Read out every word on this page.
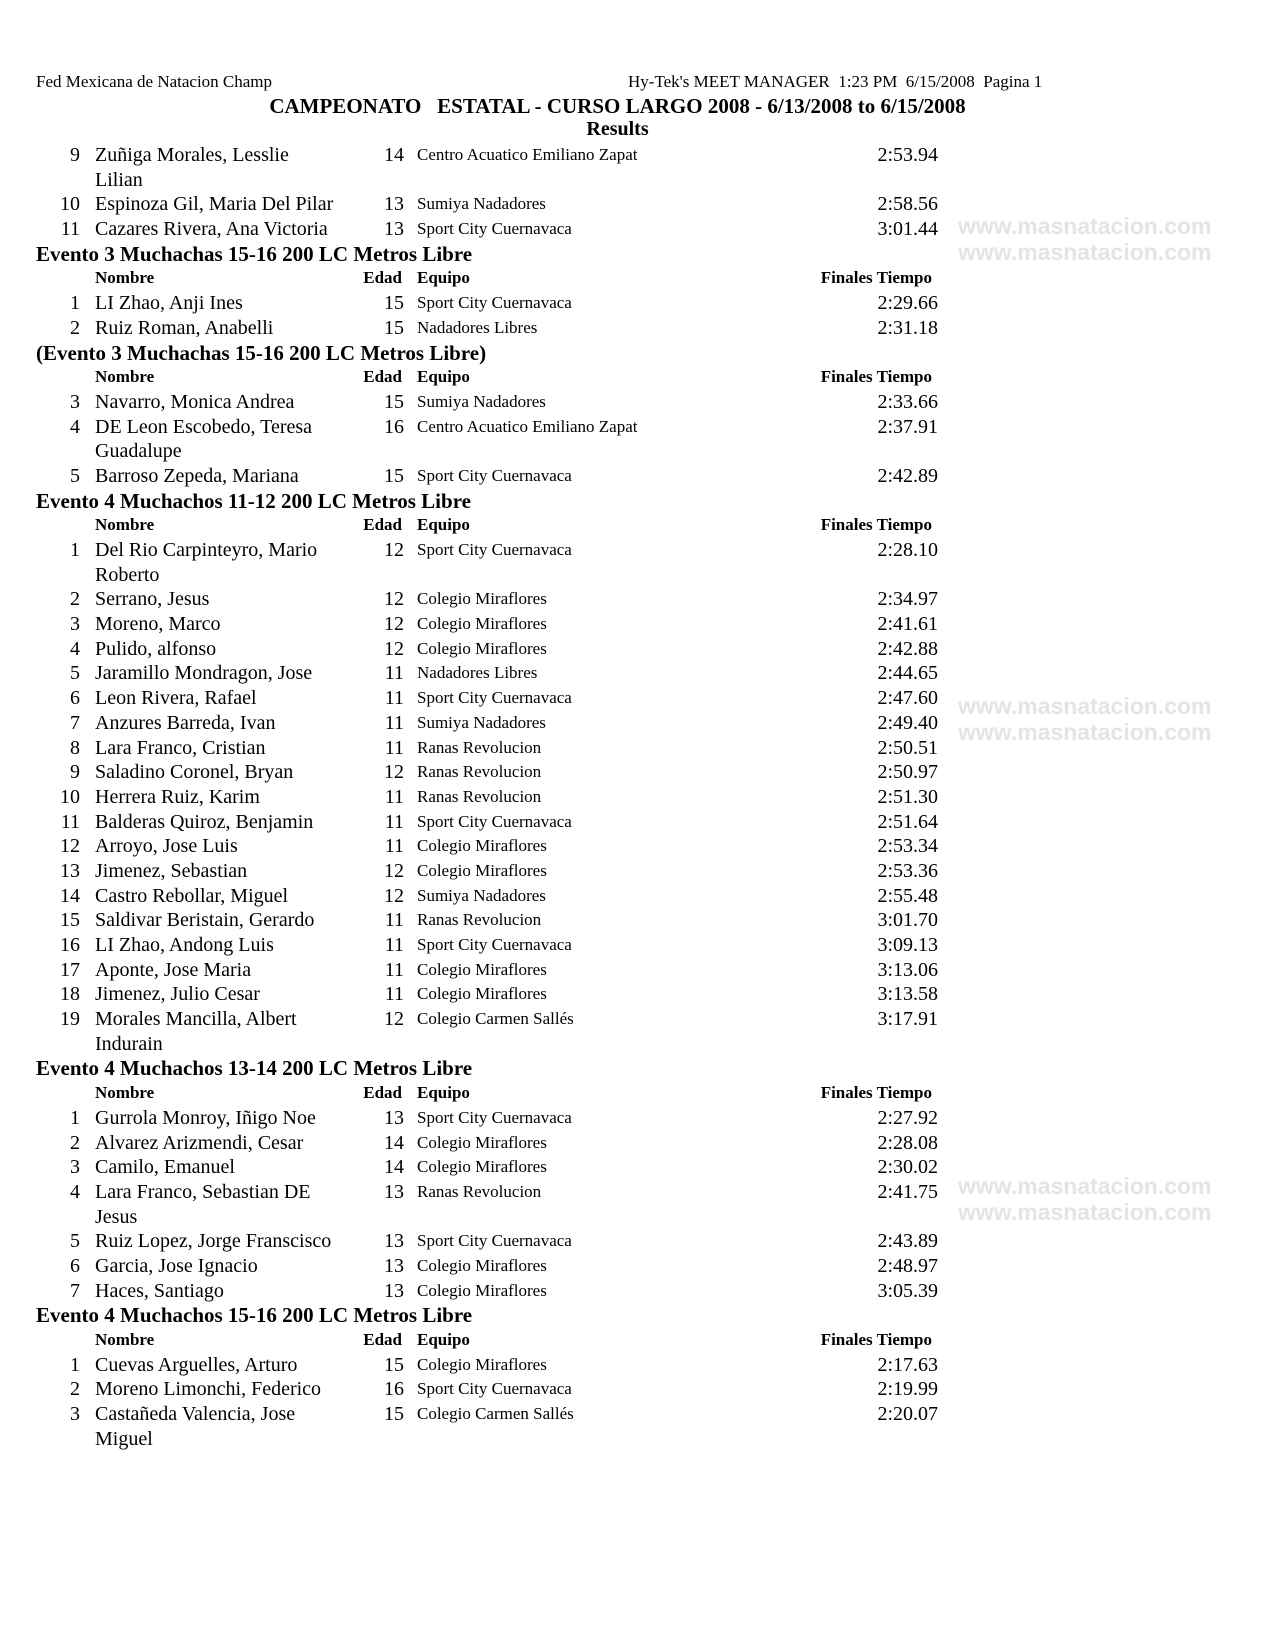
Fed Mexicana de Natacion Champ	Hy-Tek's MEET MANAGER  1:23 PM  6/15/2008  Pagina 1
CAMPEONATO   ESTATAL - CURSO LARGO 2008 - 6/13/2008 to 6/15/2008
Results
www.masnatacion.com
www.masnatacion.com
www.masnatacion.com
www.masnatacion.com
www.masnatacion.com
www.masnatacion.com
9 Zuñiga Morales, Lesslie	14 Centro Acuatico Emiliano Zapat	2:53.94
Lilian
10 Espinoza Gil, Maria Del Pilar	13 Sumiya Nadadores	2:58.56
11 Cazares Rivera, Ana Victoria	13 Sport City Cuernavaca	3:01.44
Evento 3 Muchachas 15-16 200 LC Metros Libre
Nombre	Edad Equipo	Finales Tiempo
1 LI Zhao, Anji Ines	15 Sport City Cuernavaca	2:29.66
2 Ruiz Roman, Anabelli	15 Nadadores Libres	2:31.18
(Evento 3 Muchachas 15-16 200 LC Metros Libre)
Nombre	Edad Equipo	Finales Tiempo
3 Navarro, Monica Andrea	15 Sumiya Nadadores	2:33.66
4 DE Leon Escobedo, Teresa	16 Centro Acuatico Emiliano Zapat	2:37.91
Guadalupe
5 Barroso Zepeda, Mariana	15 Sport City Cuernavaca	2:42.89
Evento 4 Muchachos 11-12 200 LC Metros Libre
Nombre	Edad Equipo	Finales Tiempo
1 Del Rio Carpinteyro, Mario	12 Sport City Cuernavaca	2:28.10
Roberto
2 Serrano, Jesus	12 Colegio Miraflores	2:34.97
3 Moreno, Marco	12 Colegio Miraflores	2:41.61
4 Pulido, alfonso	12 Colegio Miraflores	2:42.88
5 Jaramillo Mondragon, Jose	11 Nadadores Libres	2:44.65
6 Leon Rivera, Rafael	11 Sport City Cuernavaca	2:47.60
7 Anzures Barreda, Ivan	11 Sumiya Nadadores	2:49.40
8 Lara Franco, Cristian	11 Ranas Revolucion	2:50.51
9 Saladino Coronel, Bryan	12 Ranas Revolucion	2:50.97
10 Herrera Ruiz, Karim	11 Ranas Revolucion	2:51.30
11 Balderas Quiroz, Benjamin	11 Sport City Cuernavaca	2:51.64
12 Arroyo, Jose Luis	11 Colegio Miraflores	2:53.34
13 Jimenez, Sebastian	12 Colegio Miraflores	2:53.36
14 Castro Rebollar, Miguel	12 Sumiya Nadadores	2:55.48
15 Saldivar Beristain, Gerardo	11 Ranas Revolucion	3:01.70
16 LI Zhao, Andong Luis	11 Sport City Cuernavaca	3:09.13
17 Aponte, Jose Maria	11 Colegio Miraflores	3:13.06
18 Jimenez, Julio Cesar	11 Colegio Miraflores	3:13.58
19 Morales Mancilla, Albert	12 Colegio Carmen Sallés	3:17.91
Indurain
Evento 4 Muchachos 13-14 200 LC Metros Libre
Nombre	Edad Equipo	Finales Tiempo
1 Gurrola Monroy, Iñigo Noe	13 Sport City Cuernavaca	2:27.92
2 Alvarez Arizmendi, Cesar	14 Colegio Miraflores	2:28.08
3 Camilo, Emanuel	14 Colegio Miraflores	2:30.02
4 Lara Franco, Sebastian DE	13 Ranas Revolucion	2:41.75
Jesus
5 Ruiz Lopez, Jorge Franscisco	13 Sport City Cuernavaca	2:43.89
6 Garcia, Jose Ignacio	13 Colegio Miraflores	2:48.97
7 Haces, Santiago	13 Colegio Miraflores	3:05.39
Evento 4 Muchachos 15-16 200 LC Metros Libre
Nombre	Edad Equipo	Finales Tiempo
1 Cuevas Arguelles, Arturo	15 Colegio Miraflores	2:17.63
2 Moreno Limonchi, Federico	16 Sport City Cuernavaca	2:19.99
3 Castañeda Valencia, Jose	15 Colegio Carmen Sallés	2:20.07
Miguel
